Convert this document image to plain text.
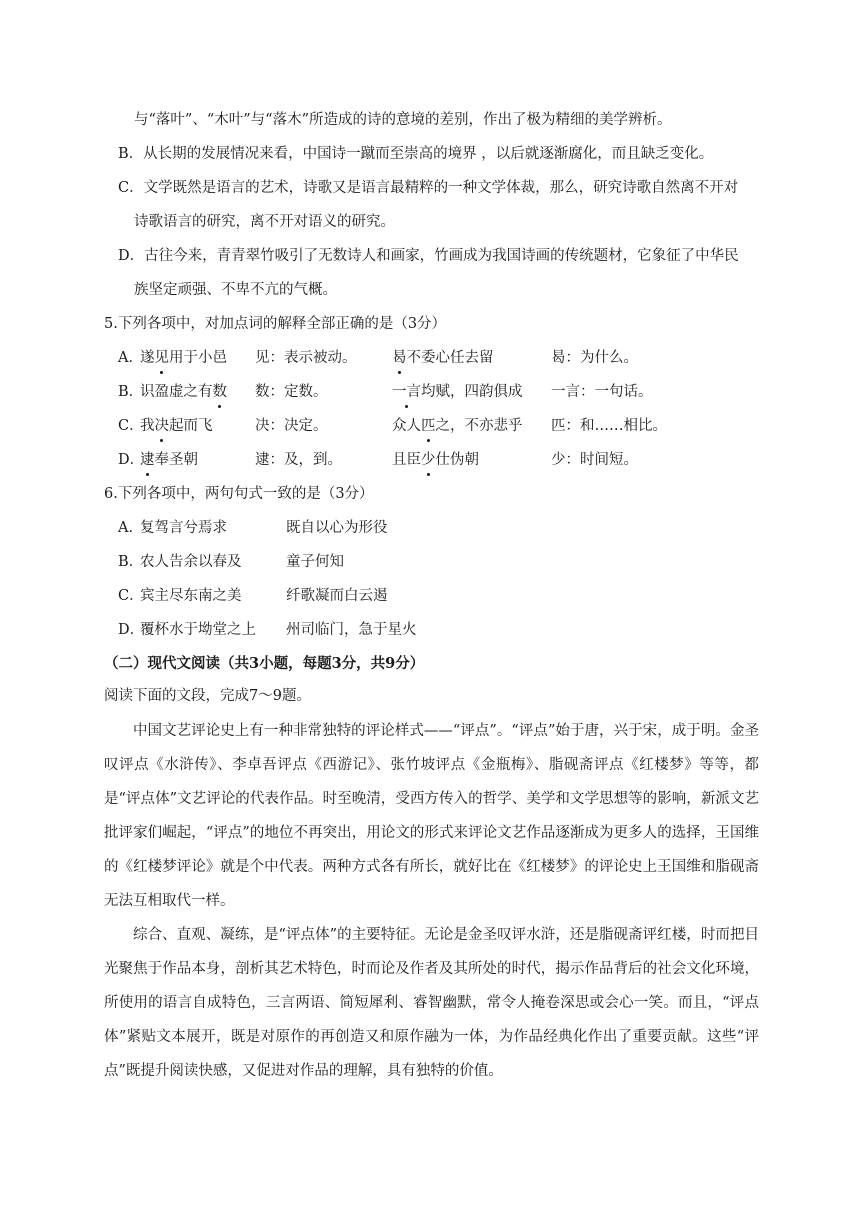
与“落叶”、“木叶”与“落木”所造成的诗的意境的差别，作出了极为精细的美学辨析。
B．从长期的发展情况来看，中国诗一蹴而至崇高的境界 ，以后就逐渐腐化，而且缺乏变化。
C．文学既然是语言的艺术，诗歌又是语言最精粹的一种文学体裁，那么，研究诗歌自然离不开对
诗歌语言的研究，离不开对语义的研究。
D．古往今来，青青翠竹吸引了无数诗人和画家，竹画成为我国诗画的传统题材，它象征了中华民
族坚定顽强、不卑不亢的气概。
5.下列各项中，对加点词的解释全部正确的是（3分）
A．
遂见用于小邑 见：表示被动。 曷不委心任去留	曷：为什么。
B．
识盈虚之有数 数：定数。	一言均赋，四韵俱成 一言：一句话。
C．
我决起而飞	决：决定。	众人匹之，不亦悲乎 匹：和……相比。
D．
逮奉圣朝	逮：及，到。	且臣少仕伪朝	少：时间短。
6.下列各项中，两句句式一致的是（3分）
A．
复驾言兮焉求	既自以心为形役
B．
农人告余以春及	童子何知
C．
宾主尽东南之美	纤歌凝而白云遏
D．
覆杯水于坳堂之上 州司临门，急于星火
（二）现代文阅读（共3小题，每题3分，共9分）
阅读下面的文段，完成7～9题。
中国文艺评论史上有一种非常独特的评论样式——“评点”。“评点”始于唐，兴于宋，成于明。金圣叹评点《水浒传》、李卓吾评点《西游记》、张竹坡评点《金瓶梅》、脂砚斋评点《红楼梦》等等，都是“评点体”文艺评论的代表作品。时至晚清，受西方传入的哲学、美学和文学思想等的影响，新派文艺批评家们崛起，“评点”的地位不再突出，用论文的形式来评论文艺作品逐渐成为更多人的选择，王国维的《红楼梦评论》就是个中代表。两种方式各有所长，就好比在《红楼梦》的评论史上王国维和脂砚斋无法互相取代一样。
综合、直观、凝练，是“评点体”的主要特征。无论是金圣叹评水浒，还是脂砚斋评红楼，时而把目光聚焦于作品本身，剖析其艺术特色，时而论及作者及其所处的时代，揭示作品背后的社会文化环境，所使用的语言自成特色，三言两语、简短犀利、睿智幽默，常令人掩卷深思或会心一笑。而且，“评点体”紧贴文本展开，既是对原作的再创造又和原作融为一体，为作品经典化作出了重要贡献。这些“评点”既提升阅读快感，又促进对作品的理解，具有独特的价值。
